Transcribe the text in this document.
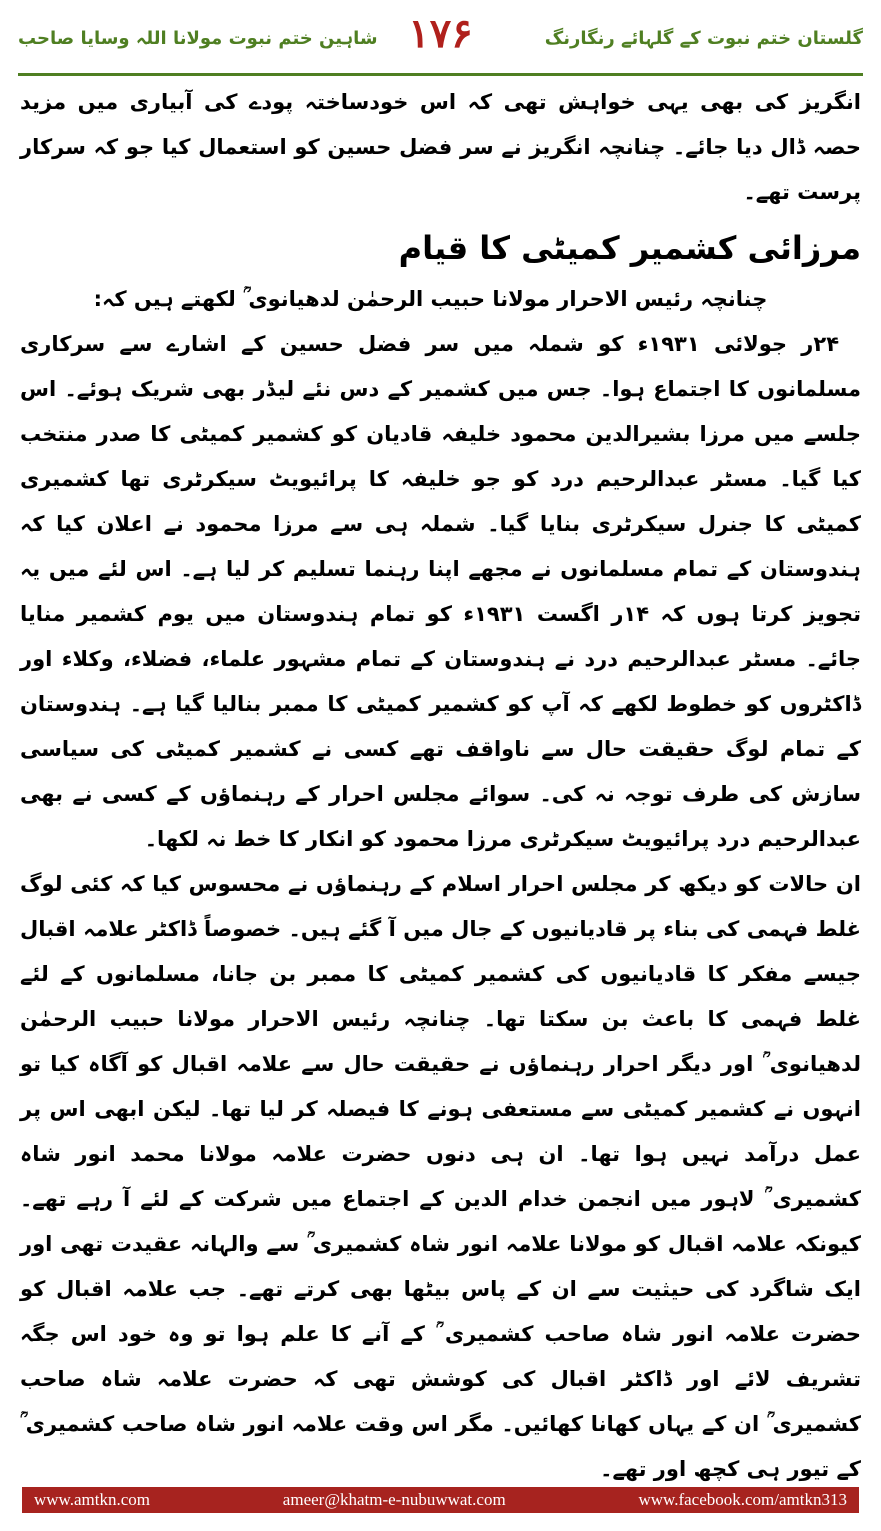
گلستان ختم نبوت کے گلہائے رنگارنگ
۱۷۶
شاہین ختم نبوت مولانا اللہ وسایا صاحب

انگریز کی بھی یہی خواہش تھی کہ اس خودساختہ پودے کی آبیاری میں مزید حصہ ڈال دیا جائے۔ چنانچہ انگریز نے سر فضل حسین کو استعمال کیا جو کہ سرکار پرست تھے۔

مرزائی کشمیر کمیٹی کا قیام

چنانچہ رئیس الاحرار مولانا حبیب الرحمٰن لدھیانوی ؒ لکھتے ہیں کہ:

۲۴ر جولائی ۱۹۳۱ء کو شملہ میں سر فضل حسین کے اشارے سے سرکاری مسلمانوں کا اجتماع ہوا۔ جس میں کشمیر کے دس نئے لیڈر بھی شریک ہوئے۔ اس جلسے میں مرزا بشیرالدین محمود خلیفہ قادیان کو کشمیر کمیٹی کا صدر منتخب کیا گیا۔ مسٹر عبدالرحیم درد کو جو خلیفہ کا پرائیویٹ سیکرٹری تھا کشمیری کمیٹی کا جنرل سیکرٹری بنایا گیا۔ شملہ ہی سے مرزا محمود نے اعلان کیا کہ ہندوستان کے تمام مسلمانوں نے مجھے اپنا رہنما تسلیم کر لیا ہے۔ اس لئے میں یہ تجویز کرتا ہوں کہ ۱۴ر اگست ۱۹۳۱ء کو تمام ہندوستان میں یوم کشمیر منایا جائے۔ مسٹر عبدالرحیم درد نے ہندوستان کے تمام مشہور علماء، فضلاء، وکلاء اور ڈاکٹروں کو خطوط لکھے کہ آپ کو کشمیر کمیٹی کا ممبر بنالیا گیا ہے۔ ہندوستان کے تمام لوگ حقیقت حال سے ناواقف تھے کسی نے کشمیر کمیٹی کی سیاسی سازش کی طرف توجہ نہ کی۔ سوائے مجلس احرار کے رہنماؤں کے کسی نے بھی عبدالرحیم درد پرائیویٹ سیکرٹری مرزا محمود کو انکار کا خط نہ لکھا۔

ان حالات کو دیکھ کر مجلس احرار اسلام کے رہنماؤں نے محسوس کیا کہ کئی لوگ غلط فہمی کی بناء پر قادیانیوں کے جال میں آ گئے ہیں۔ خصوصاً ڈاکٹر علامہ اقبال جیسے مفکر کا قادیانیوں کی کشمیر کمیٹی کا ممبر بن جانا، مسلمانوں کے لئے غلط فہمی کا باعث بن سکتا تھا۔ چنانچہ رئیس الاحرار مولانا حبیب الرحمٰن لدھیانوی ؒ اور دیگر احرار رہنماؤں نے حقیقت حال سے علامہ اقبال کو آگاہ کیا تو انہوں نے کشمیر کمیٹی سے مستعفی ہونے کا فیصلہ کر لیا تھا۔ لیکن ابھی اس پر عمل درآمد نہیں ہوا تھا۔ ان ہی دنوں حضرت علامہ مولانا محمد انور شاہ کشمیری ؒ لاہور میں انجمن خدام الدین کے اجتماع میں شرکت کے لئے آ رہے تھے۔ کیونکہ علامہ اقبال کو مولانا علامہ انور شاہ کشمیری ؒ سے والہانہ عقیدت تھی اور ایک شاگرد کی حیثیت سے ان کے پاس بیٹھا بھی کرتے تھے۔ جب علامہ اقبال کو حضرت علامہ انور شاہ صاحب کشمیری ؒ کے آنے کا علم ہوا تو وہ خود اس جگہ تشریف لائے اور ڈاکٹر اقبال کی کوشش تھی کہ حضرت علامہ شاہ صاحب کشمیری ؒ ان کے یہاں کھانا کھائیں۔ مگر اس وقت علامہ انور شاہ صاحب کشمیری ؒ کے تیور ہی کچھ اور تھے۔

www.amtkn.com	ameer@khatm-e-nubuwwat.com	www.facebook.com/amtkn313
